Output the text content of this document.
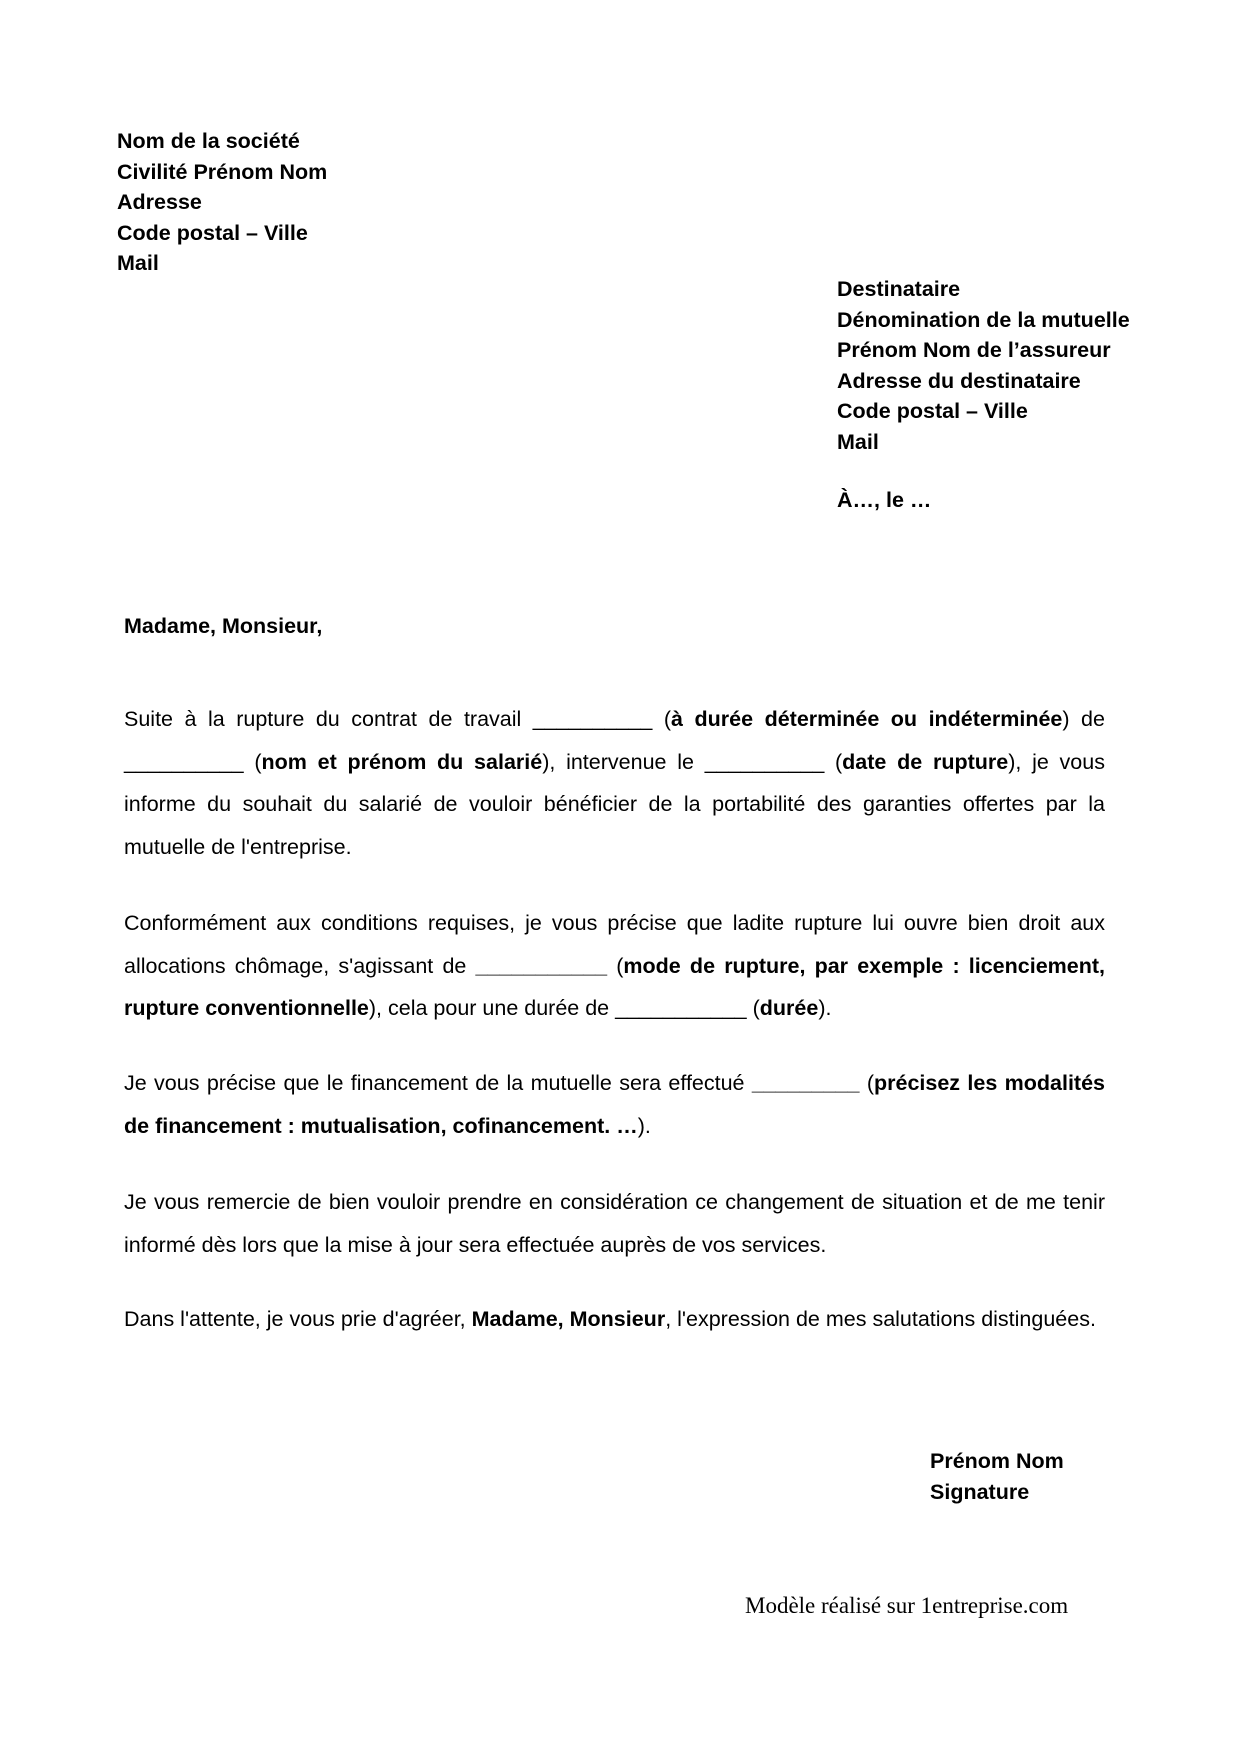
Nom de la société
Civilité Prénom Nom
Adresse
Code postal – Ville
Mail
Destinataire
Dénomination de la mutuelle
Prénom Nom de l’assureur
Adresse du destinataire
Code postal – Ville
Mail
À…, le …
Madame, Monsieur,
Suite à la rupture du contrat de travail __________ (à durée déterminée ou indéterminée) de __________ (nom et prénom du salarié), intervenue le __________ (date de rupture), je vous informe du souhait du salarié de vouloir bénéficier de la portabilité des garanties offertes par la mutuelle de l'entreprise.
Conformément aux conditions requises, je vous précise que ladite rupture lui ouvre bien droit aux allocations chômage, s'agissant de ___________ (mode de rupture, par exemple : licenciement, rupture conventionnelle), cela pour une durée de ___________ (durée).
Je vous précise que le financement de la mutuelle sera effectué _________ (précisez les modalités de financement : mutualisation, cofinancement. …).
Je vous remercie de bien vouloir prendre en considération ce changement de situation et de me tenir informé dès lors que la mise à jour sera effectuée auprès de vos services.
Dans l'attente, je vous prie d'agréer, Madame, Monsieur, l'expression de mes salutations distinguées.
Prénom Nom
Signature
Modèle réalisé sur 1entreprise.com
